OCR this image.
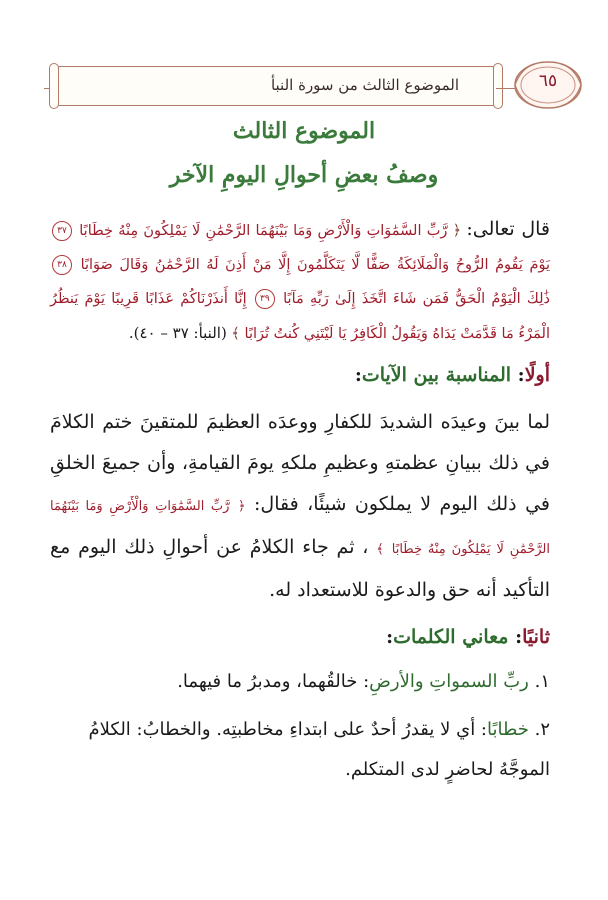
الموضوع الثالث من سورة النبأ	٦٥
الموضوع الثالث
وصفُ بعضِ أحوالِ اليومِ الآخر
قال تعالى: ﴿ رَّبِّ السَّمَٰوَاتِ وَالْأَرْضِ وَمَا بَيْنَهُمَا الرَّحْمَٰنِ لَا يَمْلِكُونَ مِنْهُ خِطَابًا ٣٧ يَوْمَ يَقُومُ الرُّوحُ وَالْمَلَائِكَةُ صَفًّا لَّا يَتَكَلَّمُونَ إِلَّا مَنْ أَذِنَ لَهُ الرَّحْمَٰنُ وَقَالَ صَوَابًا ٣٨ ذَٰلِكَ الْيَوْمُ الْحَقُّ فَمَن شَاءَ اتَّخَذَ إِلَىٰ رَبِّهِ مَآبًا ٣٩ إِنَّا أَنذَرْنَاكُمْ عَذَابًا قَرِيبًا يَوْمَ يَنظُرُ الْمَرْءُ مَا قَدَّمَتْ يَدَاهُ وَيَقُولُ الْكَافِرُ يَا لَيْتَنِي كُنتُ تُرَابًا ﴾ (النبأ: ٣٧ – ٤٠).
أولًا: المناسبة بين الآيات:
لما بينَ وعيدَه الشديدَ للكفارِ ووعدَه العظيمَ للمتقينَ ختم الكلامَ في ذلك ببيانِ عظمتهِ وعظيمِ ملكهِ يومَ القيامةِ، وأن جميعَ الخلقِ في ذلك اليوم لا يملكون شيئًا، فقال: ﴿ رَّبِّ السَّمَٰوَاتِ وَالْأَرْضِ وَمَا بَيْنَهُمَا الرَّحْمَٰنِ لَا يَمْلِكُونَ مِنْهُ خِطَابًا ﴾ ، ثم جاء الكلامُ عن أحوالِ ذلك اليوم مع التأكيد أنه حق والدعوة للاستعداد له.
ثانيًا: معاني الكلمات:
١. ربِّ السمواتِ والأرضِ: خالقُهما، ومدبرُ ما فيهما.
٢. خطابًا: أي لا يقدرُ أحدٌ على ابتداءِ مخاطبتِه. والخطابُ: الكلامُ الموجَّهُ لحاضرٍ لدى المتكلم.
